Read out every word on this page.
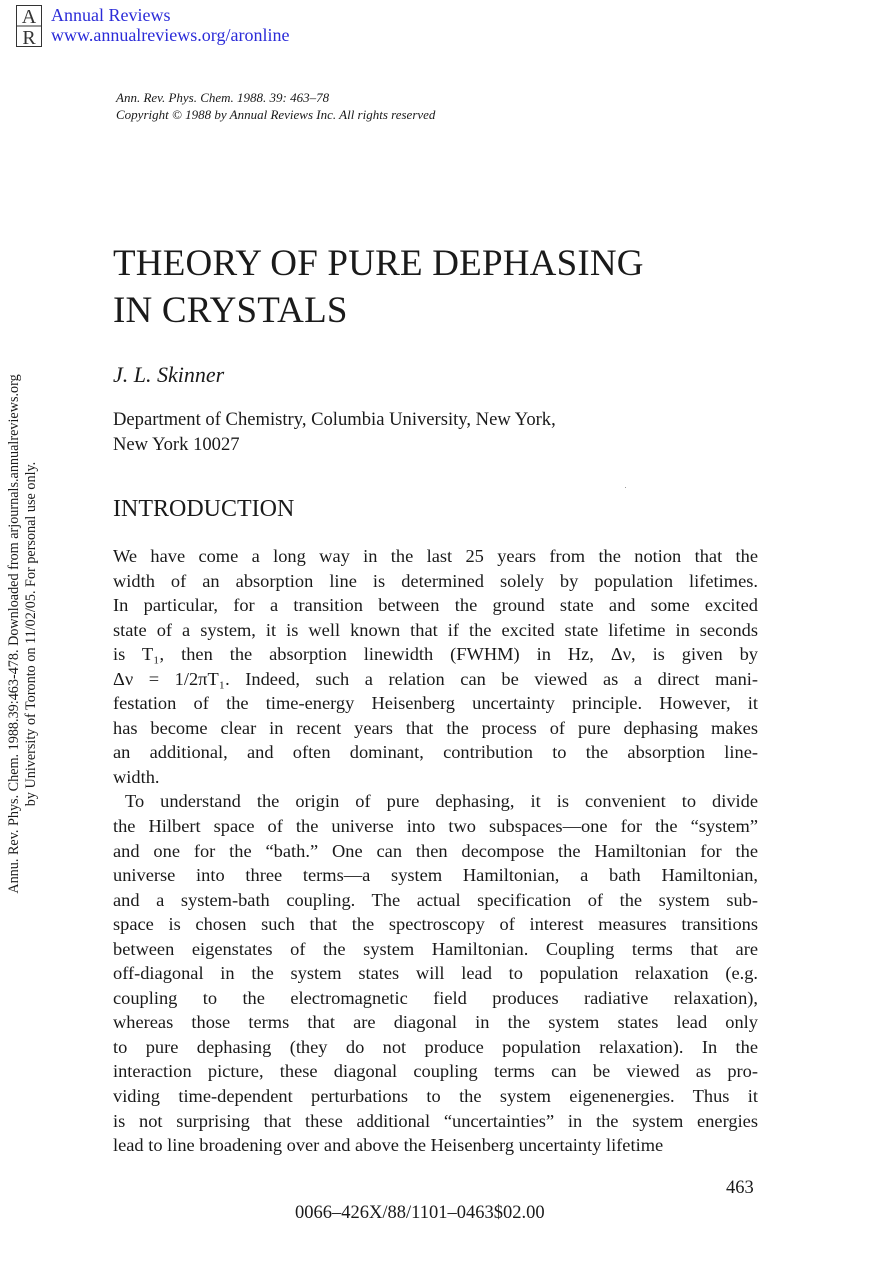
A
R
Annual Reviews
www.annualreviews.org/aronline
Ann. Rev. Phys. Chem. 1988. 39: 463–78
Copyright © 1988 by Annual Reviews Inc. All rights reserved
Annu. Rev. Phys. Chem. 1988.39:463-478. Downloaded from arjournals.annualreviews.org by University of Toronto on 11/02/05. For personal use only.
THEORY OF PURE DEPHASING
IN CRYSTALS
J. L. Skinner
Department of Chemistry, Columbia University, New York,
New York 10027
INTRODUCTION
We have come a long way in the last 25 years from the notion that the
width of an absorption line is determined solely by population lifetimes.
In particular, for a transition between the ground state and some excited
state of a system, it is well known that if the excited state lifetime in seconds
is T₁, then the absorption linewidth (FWHM) in Hz, Δν, is given by
Δν = 1/2πT₁. Indeed, such a relation can be viewed as a direct mani-
festation of the time-energy Heisenberg uncertainty principle. However, it
has become clear in recent years that the process of pure dephasing makes
an additional, and often dominant, contribution to the absorption line-
width.
To understand the origin of pure dephasing, it is convenient to divide
the Hilbert space of the universe into two subspaces—one for the “system”
and one for the “bath.” One can then decompose the Hamiltonian for the
universe into three terms—a system Hamiltonian, a bath Hamiltonian,
and a system-bath coupling. The actual specification of the system sub-
space is chosen such that the spectroscopy of interest measures transitions
between eigenstates of the system Hamiltonian. Coupling terms that are
off-diagonal in the system states will lead to population relaxation (e.g.
coupling to the electromagnetic field produces radiative relaxation),
whereas those terms that are diagonal in the system states lead only
to pure dephasing (they do not produce population relaxation). In the
interaction picture, these diagonal coupling terms can be viewed as pro-
viding time-dependent perturbations to the system eigenenergies. Thus it
is not surprising that these additional “uncertainties” in the system energies
lead to line broadening over and above the Heisenberg uncertainty lifetime
463
0066–426X/88/1101–0463$02.00
